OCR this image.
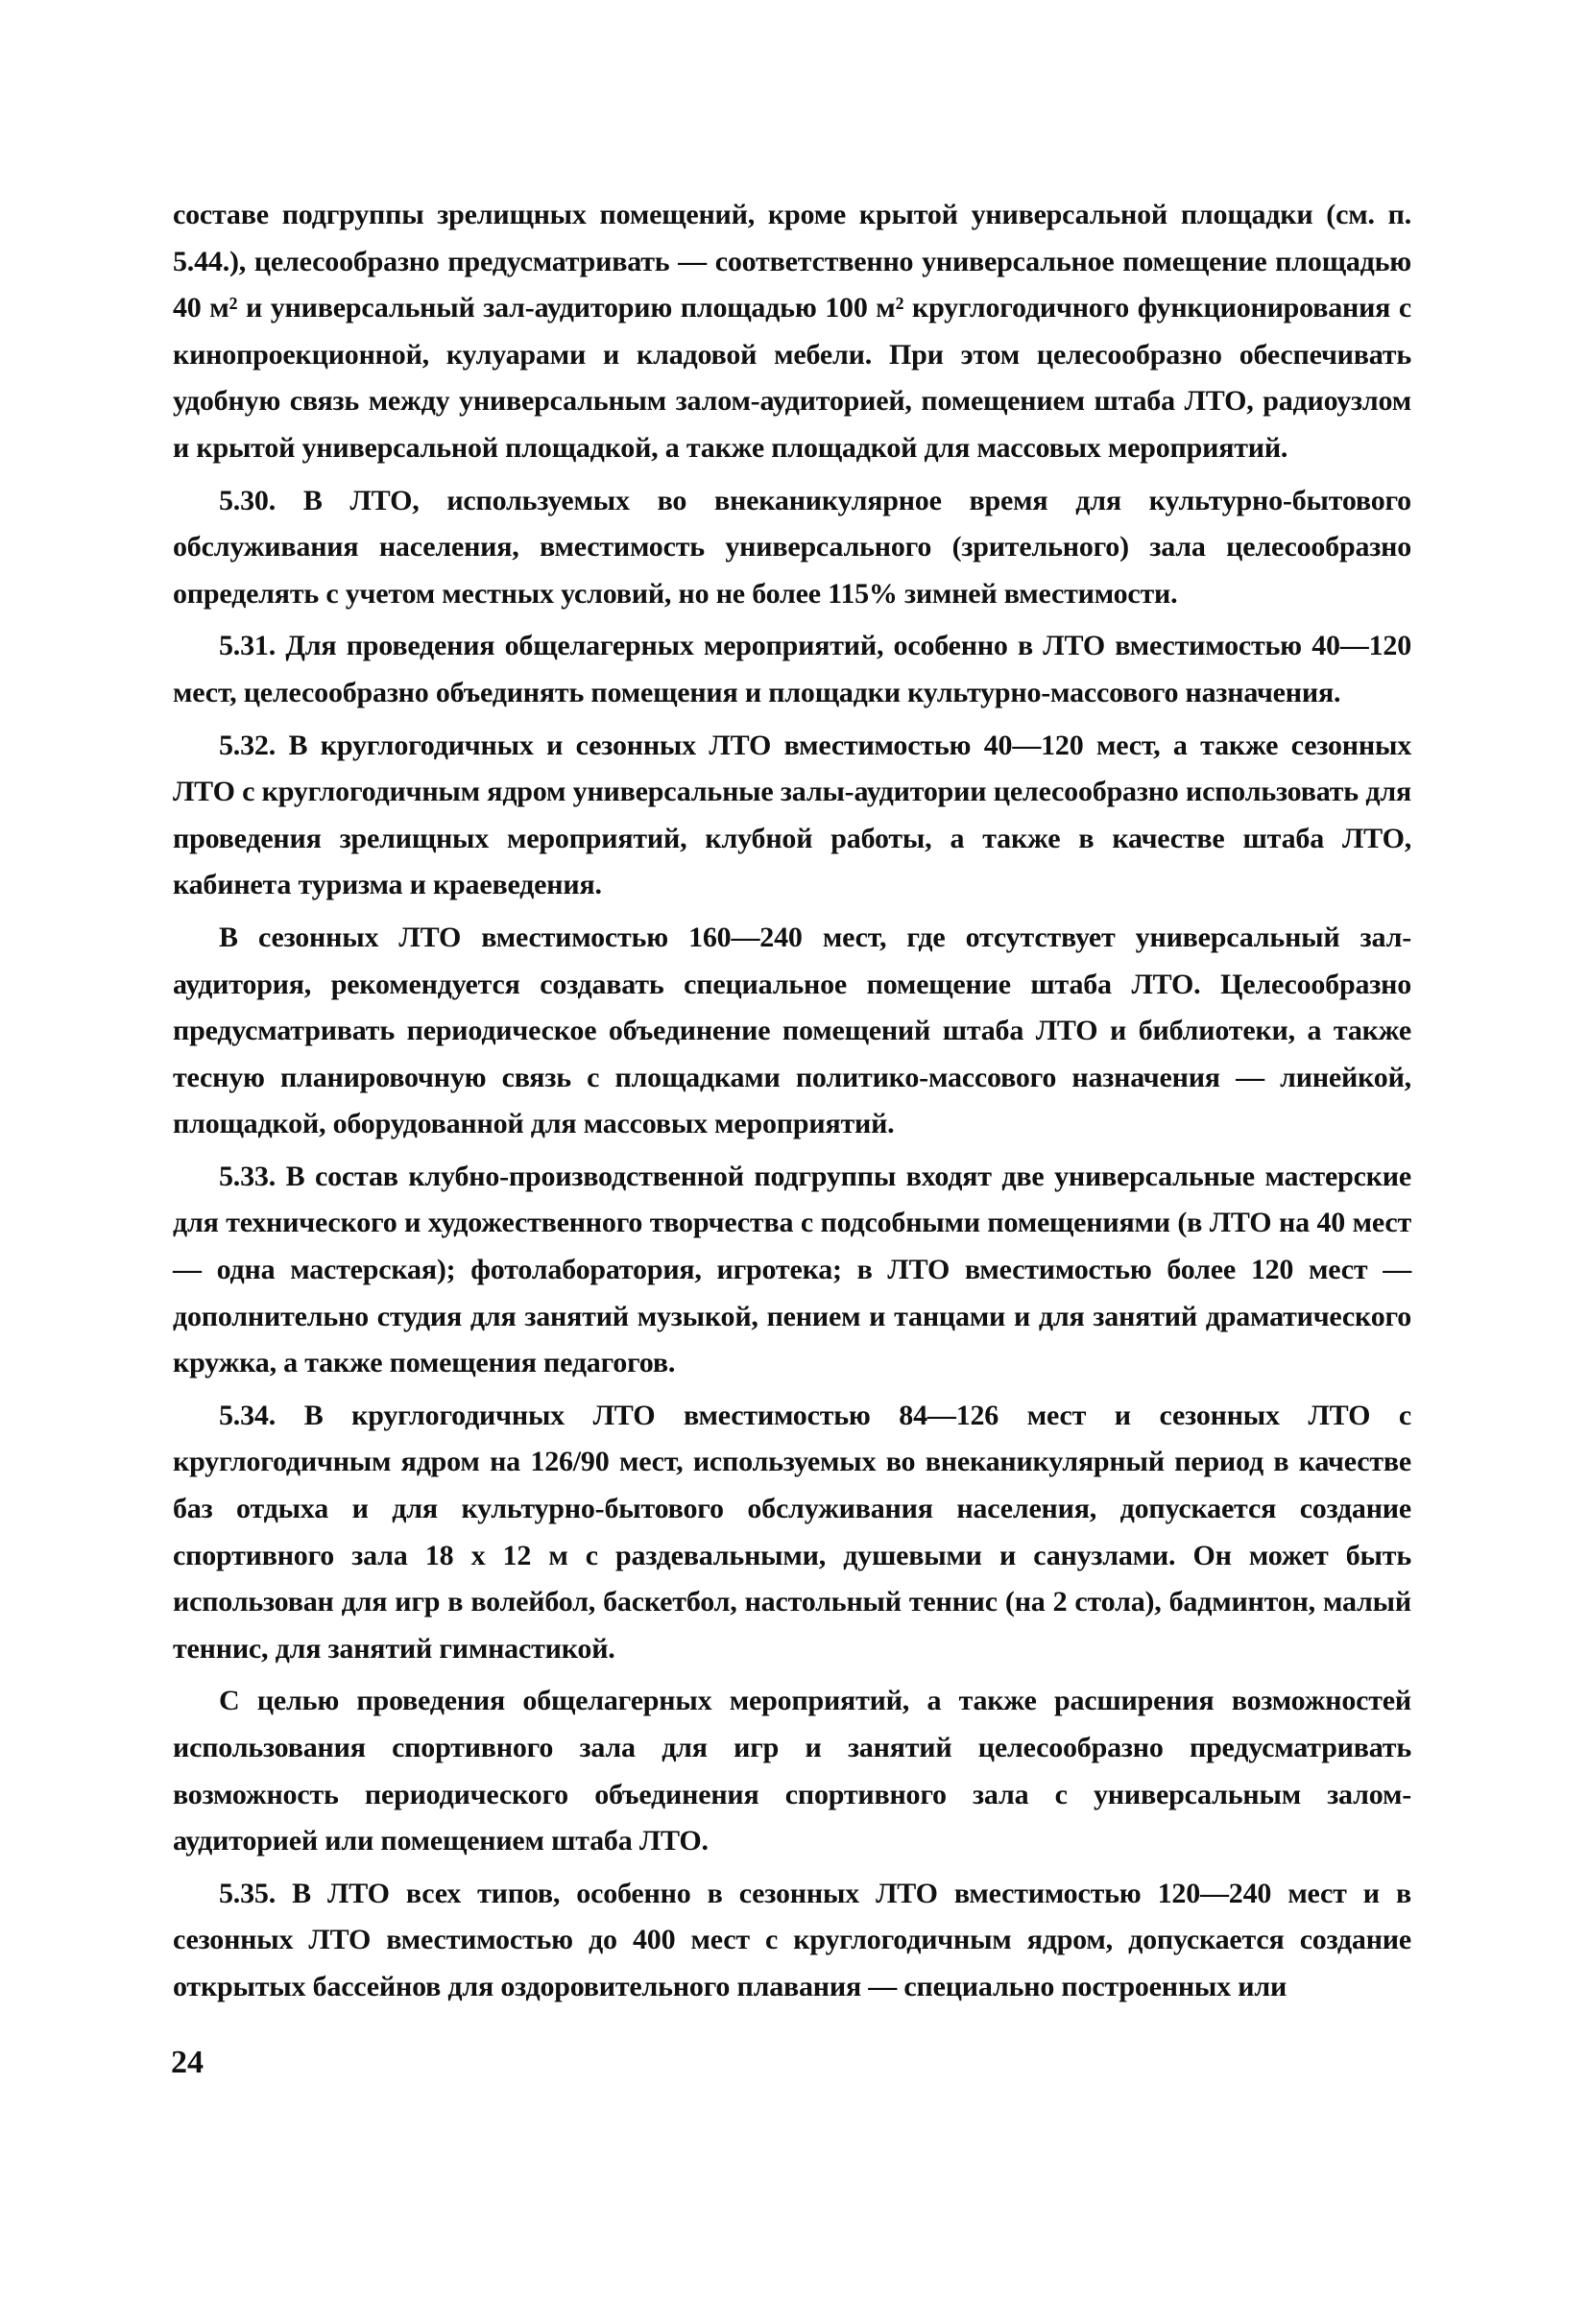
составе подгруппы зрелищных помещений, кроме крытой универсальной площадки (см. п. 5.44.), целесообразно предусматривать — соответственно универсальное помещение площадью 40 м² и универсальный зал-аудиторию площадью 100 м² круглогодичного функционирования с кинопроекционной, кулуарами и кладовой мебели. При этом целесообразно обеспечивать удобную связь между универсальным залом-аудиторией, помещением штаба ЛТО, радиоузлом и крытой универсальной площадкой, а также площадкой для массовых мероприятий.

5.30. В ЛТО, используемых во внеканикулярное время для культурно-бытового обслуживания населения, вместимость универсального (зрительного) зала целесообразно определять с учетом местных условий, но не более 115% зимней вместимости.

5.31. Для проведения общелагерных мероприятий, особенно в ЛТО вместимостью 40—120 мест, целесообразно объединять помещения и площадки культурно-массового назначения.

5.32. В круглогодичных и сезонных ЛТО вместимостью 40—120 мест, а также сезонных ЛТО с круглогодичным ядром универсальные залы-аудитории целесообразно использовать для проведения зрелищных мероприятий, клубной работы, а также в качестве штаба ЛТО, кабинета туризма и краеведения.

В сезонных ЛТО вместимостью 160—240 мест, где отсутствует универсальный зал-аудитория, рекомендуется создавать специальное помещение штаба ЛТО. Целесообразно предусматривать периодическое объединение помещений штаба ЛТО и библиотеки, а также тесную планировочную связь с площадками политико-массового назначения — линейкой, площадкой, оборудованной для массовых мероприятий.

5.33. В состав клубно-производственной подгруппы входят две универсальные мастерские для технического и художественного творчества с подсобными помещениями (в ЛТО на 40 мест — одна мастерская); фотолаборатория, игротека; в ЛТО вместимостью более 120 мест — дополнительно студия для занятий музыкой, пением и танцами и для занятий драматического кружка, а также помещения педагогов.

5.34. В круглогодичных ЛТО вместимостью 84—126 мест и сезонных ЛТО с круглогодичным ядром на 126/90 мест, используемых во внеканикулярный период в качестве баз отдыха и для культурно-бытового обслуживания населения, допускается создание спортивного зала 18 х 12 м с раздевальными, душевыми и санузлами. Он может быть использован для игр в волейбол, баскетбол, настольный теннис (на 2 стола), бадминтон, малый теннис, для занятий гимнастикой.

С целью проведения общелагерных мероприятий, а также расширения возможностей использования спортивного зала для игр и занятий целесообразно предусматривать возможность периодического объединения спортивного зала с универсальным залом-аудиторией или помещением штаба ЛТО.

5.35. В ЛТО всех типов, особенно в сезонных ЛТО вместимостью 120—240 мест и в сезонных ЛТО вместимостью до 400 мест с круглогодичным ядром, допускается создание открытых бассейнов для оздоровительного плавания — специально построенных или

24
